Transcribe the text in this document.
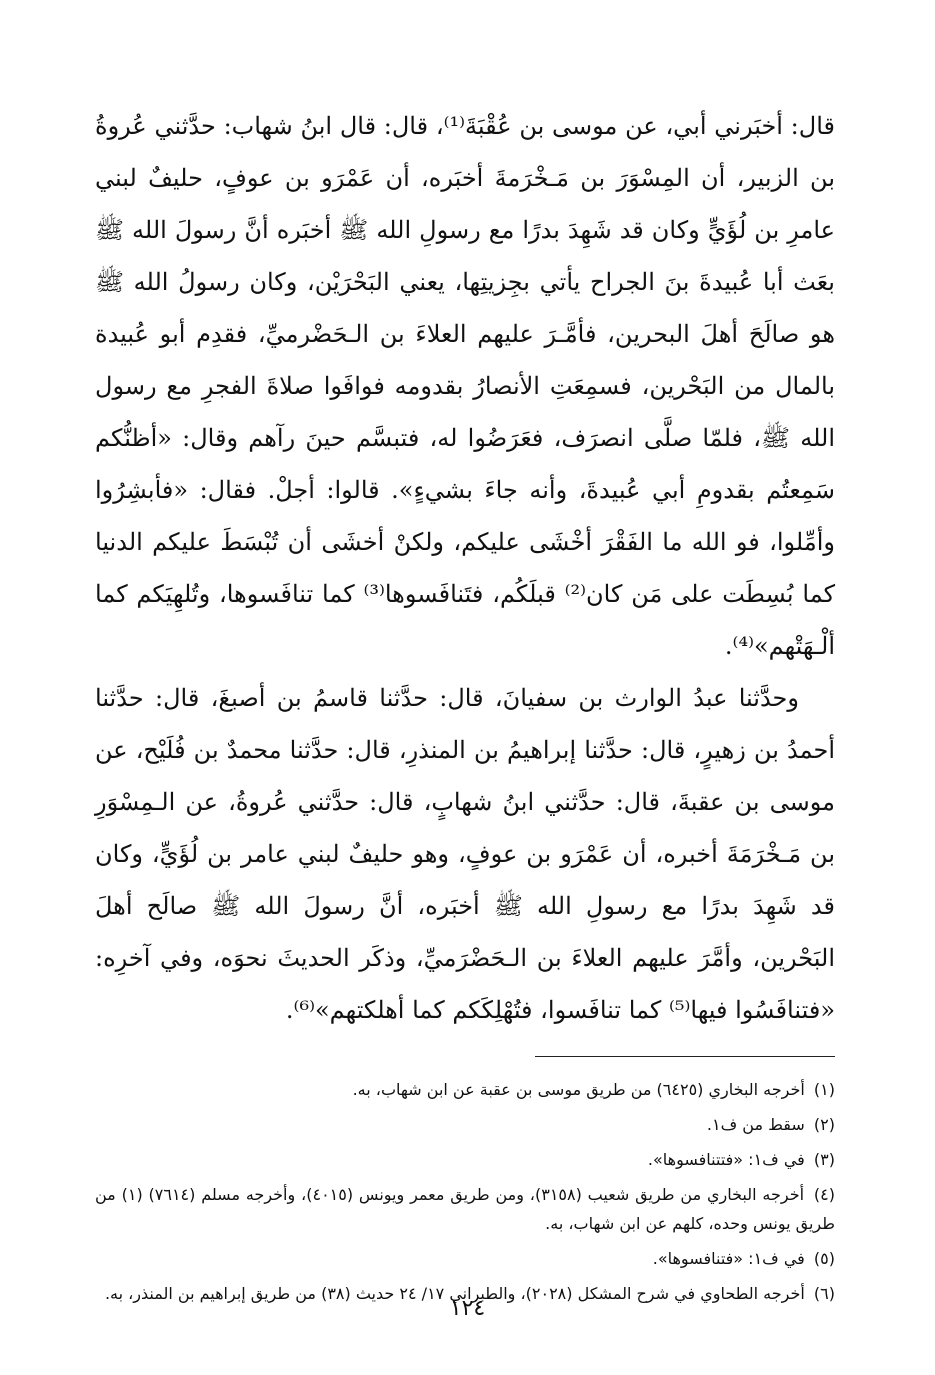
قال: أخبَرني أبي، عن موسى بن عُقْبَةَ⁽¹⁾، قال: قال ابنُ شهاب: حدَّثني عُروةُ بن الزبير، أن المِسْوَرَ بن مَـخْرَمةَ أخبَره، أن عَمْرَو بن عوفٍ، حليفٌ لبني عامرِ بن لُؤَيٍّ وكان قد شَهِدَ بدرًا مع رسولِ الله ﷺ أخبَره أنَّ رسولَ الله ﷺ بعَث أبا عُبيدةَ بنَ الجراح يأتي بجِزيتِها، يعني البَحْرَيْن، وكان رسولُ الله ﷺ هو صالَحَ أهلَ البحرين، فأمَّـرَ عليهم العلاءَ بن الـحَضْرميِّ، فقدِم أبو عُبيدة بالمال من البَحْرين، فسمِعَتِ الأنصارُ بقدومه فوافَوا صلاةَ الفجرِ مع رسول الله ﷺ، فلمّا صلَّى انصرَف، فعَرَضُوا له، فتبسَّم حينَ رآهم وقال: «أظنُّكم سَمِعتُم بقدومِ أبي عُبيدةَ، وأنه جاءَ بشيءٍ». قالوا: أجلْ. فقال: «فأبشِرُوا وأمِّلوا، فو الله ما الفَقْرَ أخْشَى عليكم، ولكنْ أخشَى أن تُبْسَطَ عليكم الدنيا كما بُسِطَت على مَن كان⁽²⁾ قبلَكُم، فتَنافَسوها⁽³⁾ كما تنافَسوها، وتُلهِيَكم كما ألْـهَتْهم»⁽⁴⁾.

وحدَّثنا عبدُ الوارث بن سفيانَ، قال: حدَّثنا قاسمُ بن أصبغَ، قال: حدَّثنا أحمدُ بن زهيرٍ، قال: حدَّثنا إبراهيمُ بن المنذرِ، قال: حدَّثنا محمدٌ بن فُلَيْح، عن موسى بن عقبةَ، قال: حدَّثني ابنُ شهابٍ، قال: حدَّثني عُروةُ، عن الـمِسْوَرِ بن مَـخْرَمَةَ أخبره، أن عَمْرَو بن عوفٍ، وهو حليفٌ لبني عامر بن لُؤَيٍّ، وكان قد شَهِدَ بدرًا مع رسولِ الله ﷺ أخبَره، أنَّ رسولَ الله ﷺ صالَح أهلَ البَحْرين، وأمَّرَ عليهم العلاءَ بن الـحَضْرَميِّ، وذكَر الحديثَ نحوَه، وفي آخرِه: «فتنافَسُوا فيها⁽⁵⁾ كما تنافَسوا، فتُهْلِكَكم كما أهلكتهم»⁽⁶⁾.

(١) أخرجه البخاري (٦٤٢٥) من طريق موسى بن عقبة عن ابن شهاب، به.
(٢) سقط من ف١.
(٣) في ف١: «فتتنافسوها».
(٤) أخرجه البخاري من طريق شعيب (٣١٥٨)، ومن طريق معمر ويونس (٤٠١٥)، وأخرجه مسلم (٧٦١٤) (١) من طريق يونس وحده، كلهم عن ابن شهاب، به.
(٥) في ف١: «فتنافسوها».
(٦) أخرجه الطحاوي في شرح المشكل (٢٠٢٨)، والطبراني ١٧/ ٢٤ حديث (٣٨) من طريق إبراهيم بن المنذر، به.
١٢٤
